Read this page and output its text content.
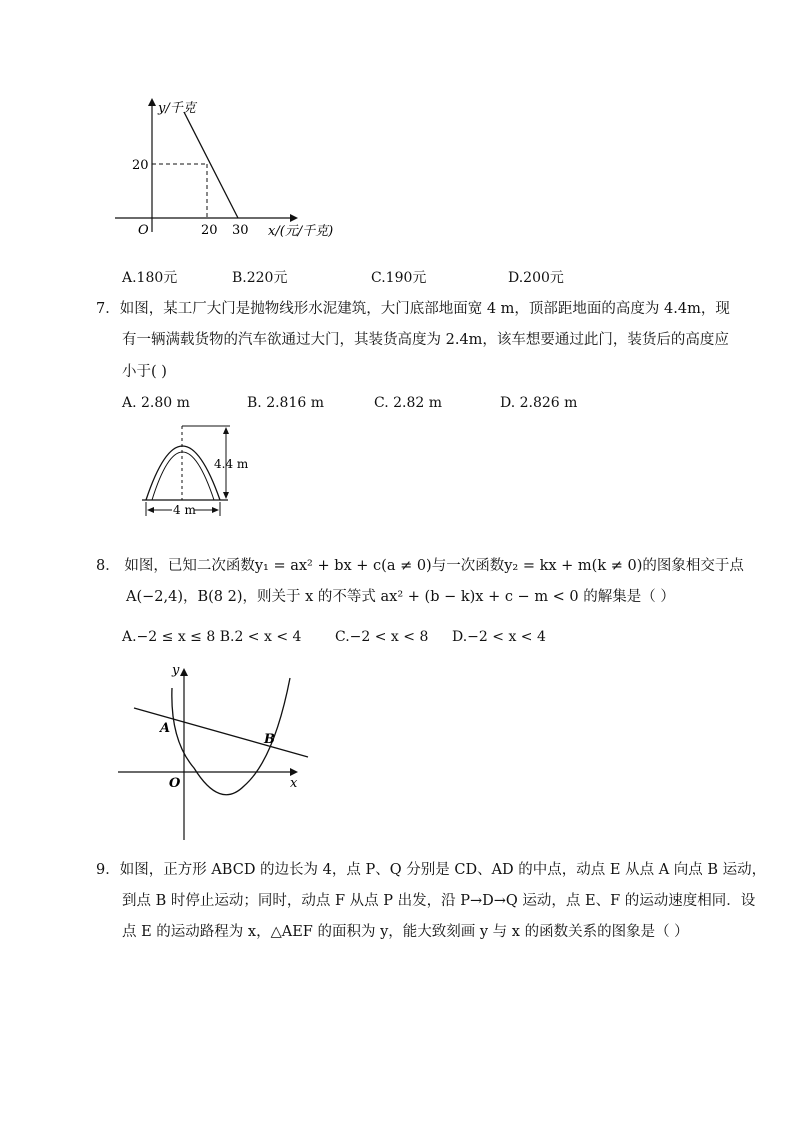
y/千克
20
O	20 30 x/(元/千克)
A.180元	B.220元	C.190元	D.200元
7．如图，某工厂大门是抛物线形水泥建筑，大门底部地面宽 4 m，顶部距地面的高度为 4.4m，现
有一辆满载货物的汽车欲通过大门，其装货高度为 2.4m，该车想要通过此门，装货后的高度应
小于( )
A. 2.80 m	B. 2.816 m	C. 2.82 m	D. 2.826 m
4.4 m
4 m
8． 如图，已知二次函数y₁ = ax² + bx + c(a ≠ 0)与一次函数y₂ = kx + m(k ≠ 0)的图象相交于点
A(−2,4)，B(8 2)，则关于 x 的不等式 ax² + (b − k)x + c − m < 0 的解集是（ ）
A.−2 ≤ x ≤ 8 B.2 < x < 4 C.−2 < x < 8 D.−2 < x < 4
y
A
B
O	x
9．如图，正方形 ABCD 的边长为 4，点 P、Q 分别是 CD、AD 的中点，动点 E 从点 A 向点 B 运动，
到点 B 时停止运动；同时，动点 F 从点 P 出发，沿 P→D→Q 运动，点 E、F 的运动速度相同．设
点 E 的运动路程为 x，△AEF 的面积为 y，能大致刻画 y 与 x 的函数关系的图象是（ ）
